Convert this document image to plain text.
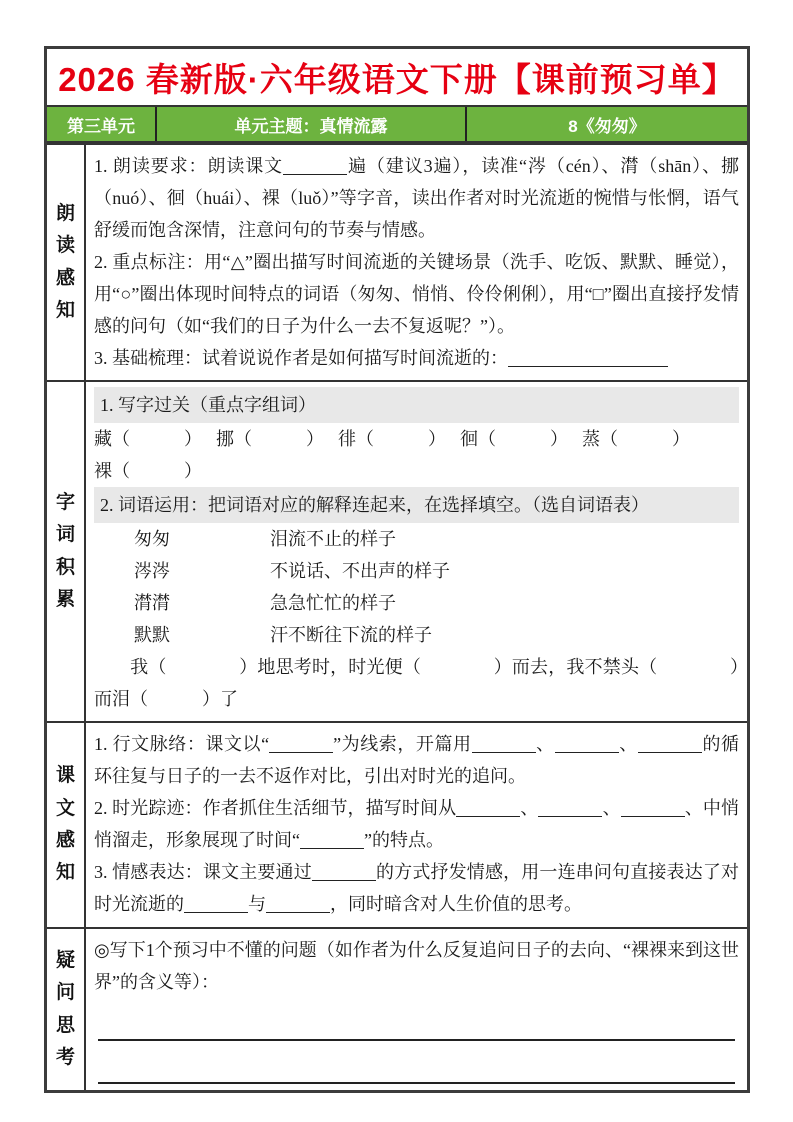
2026 春新版·六年级语文下册【课前预习单】
第三单元	单元主题：真情流露	8《匆匆》
朗读感知

1. 朗读要求：朗读课文	遍（建议3遍），读准“涔（cén）、潸（shān）、挪（nuó）、徊（huái）、裸（luǒ）”等字音，读出作者对时光流逝的惋惜与怅惘，语气舒缓而饱含深情，注意问句的节奏与情感。

2. 重点标注：用“△”圈出描写时间流逝的关键场景（洗手、吃饭、默默、睡觉），用“○”圈出体现时间特点的词语（匆匆、悄悄、伶伶俐俐），用“□”圈出直接抒发情感的问句（如“我们的日子为什么一去不复返呢？”）。

3. 基础梳理：试着说说作者是如何描写时间流逝的：

字词积累

1. 写字过关（重点字组词）

藏（　　　） 挪（　　　） 徘（　　　） 徊（　　　） 蒸（　　　）

裸（　　　）

2. 词语运用：把词语对应的解释连起来，在选择填空。（选自词语表）

匆匆	泪流不止的样子

涔涔	不说话、不出声的样子

潸潸	急急忙忙的样子

默默	汗不断往下流的样子

我（　　　　）地思考时，时光便（　　　　）而去，我不禁头（　　　　）而泪（　　　）了

课文感知

1. 行文脉络：课文以“	”为线索，开篇用	、	、	的循环往复与日子的一去不返作对比，引出对时光的追问。

2. 时光踪迹：作者抓住生活细节，描写时间从	、	、	、中悄悄溜走，形象展现了时间“	”的特点。

3. 情感表达：课文主要通过	的方式抒发情感，用一连串问句直接表达了对时光流逝的	与	，同时暗含对人生价值的思考。

疑问思考

◎写下1个预习中不懂的问题（如作者为什么反复追问日子的去向、“裸裸来到这世界”的含义等）：
